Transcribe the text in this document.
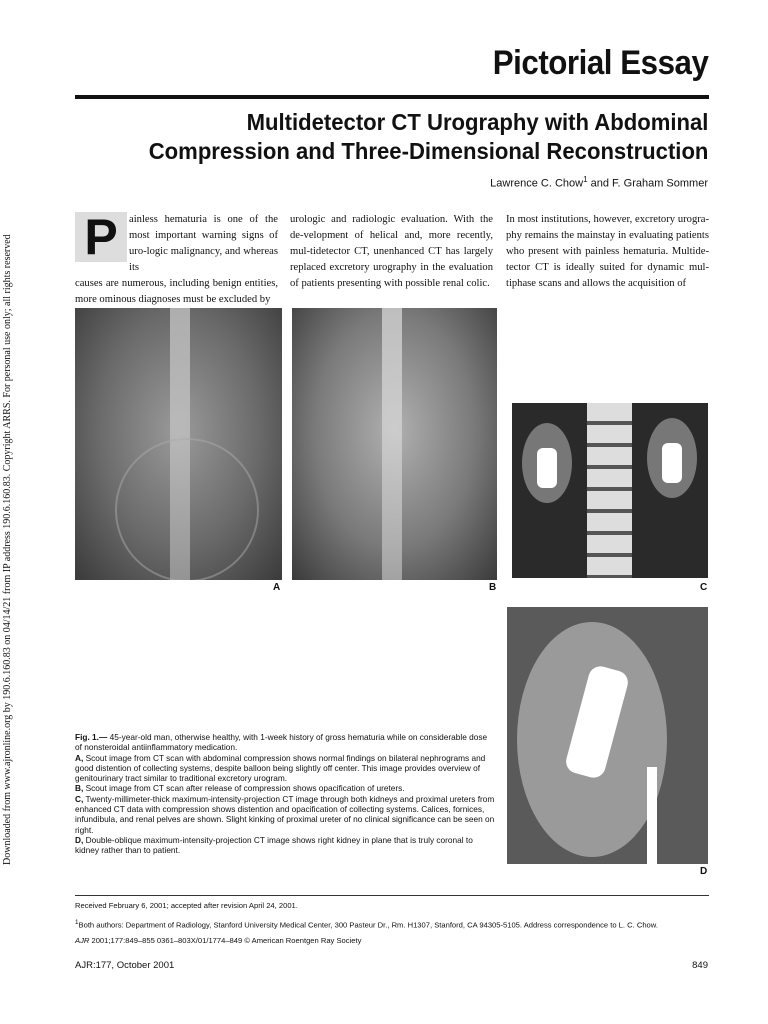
Downloaded from www.ajronline.org by 190.6.160.83 on 04/14/21 from IP address 190.6.160.83. Copyright ARRS. For personal use only; all rights reserved
Pictorial Essay
Multidetector CT Urography with Abdominal
Compression and Three-Dimensional Reconstruction
Lawrence C. Chow$^1$ and F. Graham Sommer
P	ainless hematuria is one of the most important warning signs of uro-logic malignancy, and whereas its
causes are numerous, including benign entities, more ominous diagnoses must be excluded by
urologic and radiologic evaluation. With the de-velopment of helical and, more recently, mul-tidetector CT, unenhanced CT has largely replaced excretory urography in the evaluation of patients presenting with possible renal colic.
In most institutions, however, excretory urogra-phy remains the mainstay in evaluating patients who present with painless hematuria. Multide-tector CT is ideally suited for dynamic mul-tiphase scans and allows the acquisition of
A	B	C
D
Fig. 1.— 45-year-old man, otherwise healthy, with 1-week history of gross hematuria while on considerable dose of nonsteroidal antiinflammatory medication.
A, Scout image from CT scan with abdominal compression shows normal findings on bilateral nephrograms and good distention of collecting systems, despite balloon being slightly off center. This image provides overview of genitourinary tract similar to traditional excretory urogram.
B, Scout image from CT scan after release of compression shows opacification of ureters.
C, Twenty-millimeter-thick maximum-intensity-projection CT image through both kidneys and proximal ureters from enhanced CT data with compression shows distention and opacification of collecting systems. Calices, fornices, infundibula, and renal pelves are shown. Slight kinking of proximal ureter of no clinical significance can be seen on right.
D, Double-oblique maximum-intensity-projection CT image shows right kidney in plane that is truly coronal to kidney rather than to patient.
Received February 6, 2001; accepted after revision April 24, 2001.
$^1$Both authors: Department of Radiology, Stanford University Medical Center, 300 Pasteur Dr., Rm. H1307, Stanford, CA 94305-5105. Address correspondence to L. C. Chow.
AJR 2001;177:849–855 0361–803X/01/1774–849 © American Roentgen Ray Society
AJR:177, October 2001	849
